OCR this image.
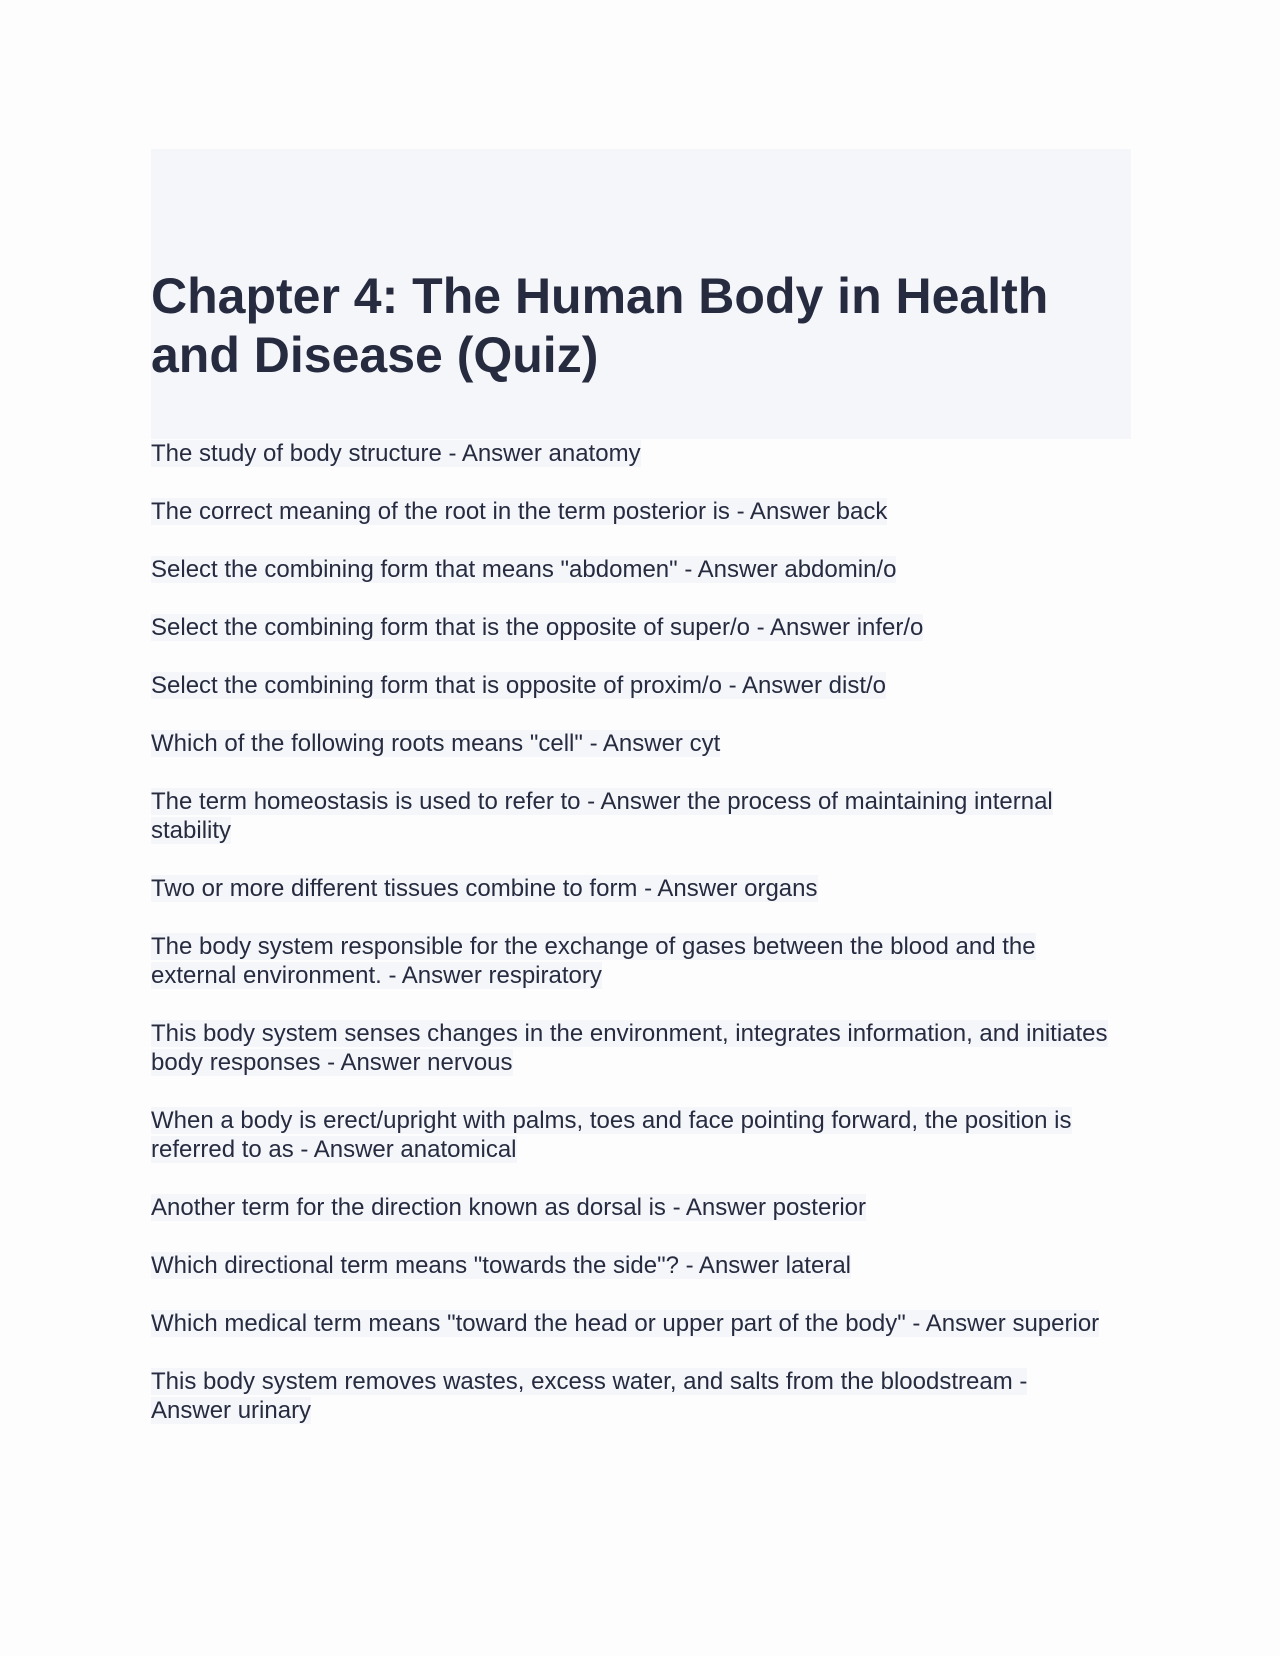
Chapter 4: The Human Body in Health and Disease (Quiz)
The study of body structure - Answer anatomy
The correct meaning of the root in the term posterior is - Answer back
Select the combining form that means "abdomen" - Answer abdomin/o
Select the combining form that is the opposite of super/o - Answer infer/o
Select the combining form that is opposite of proxim/o - Answer dist/o
Which of the following roots means "cell" - Answer cyt
The term homeostasis is used to refer to - Answer the process of maintaining internal stability
Two or more different tissues combine to form - Answer organs
The body system responsible for the exchange of gases between the blood and the external environment. - Answer respiratory
This body system senses changes in the environment, integrates information, and initiates body responses - Answer nervous
When a body is erect/upright with palms, toes and face pointing forward, the position is referred to as - Answer anatomical
Another term for the direction known as dorsal is - Answer posterior
Which directional term means "towards the side"? - Answer lateral
Which medical term means "toward the head or upper part of the body" - Answer superior
This body system removes wastes, excess water, and salts from the bloodstream - Answer urinary
